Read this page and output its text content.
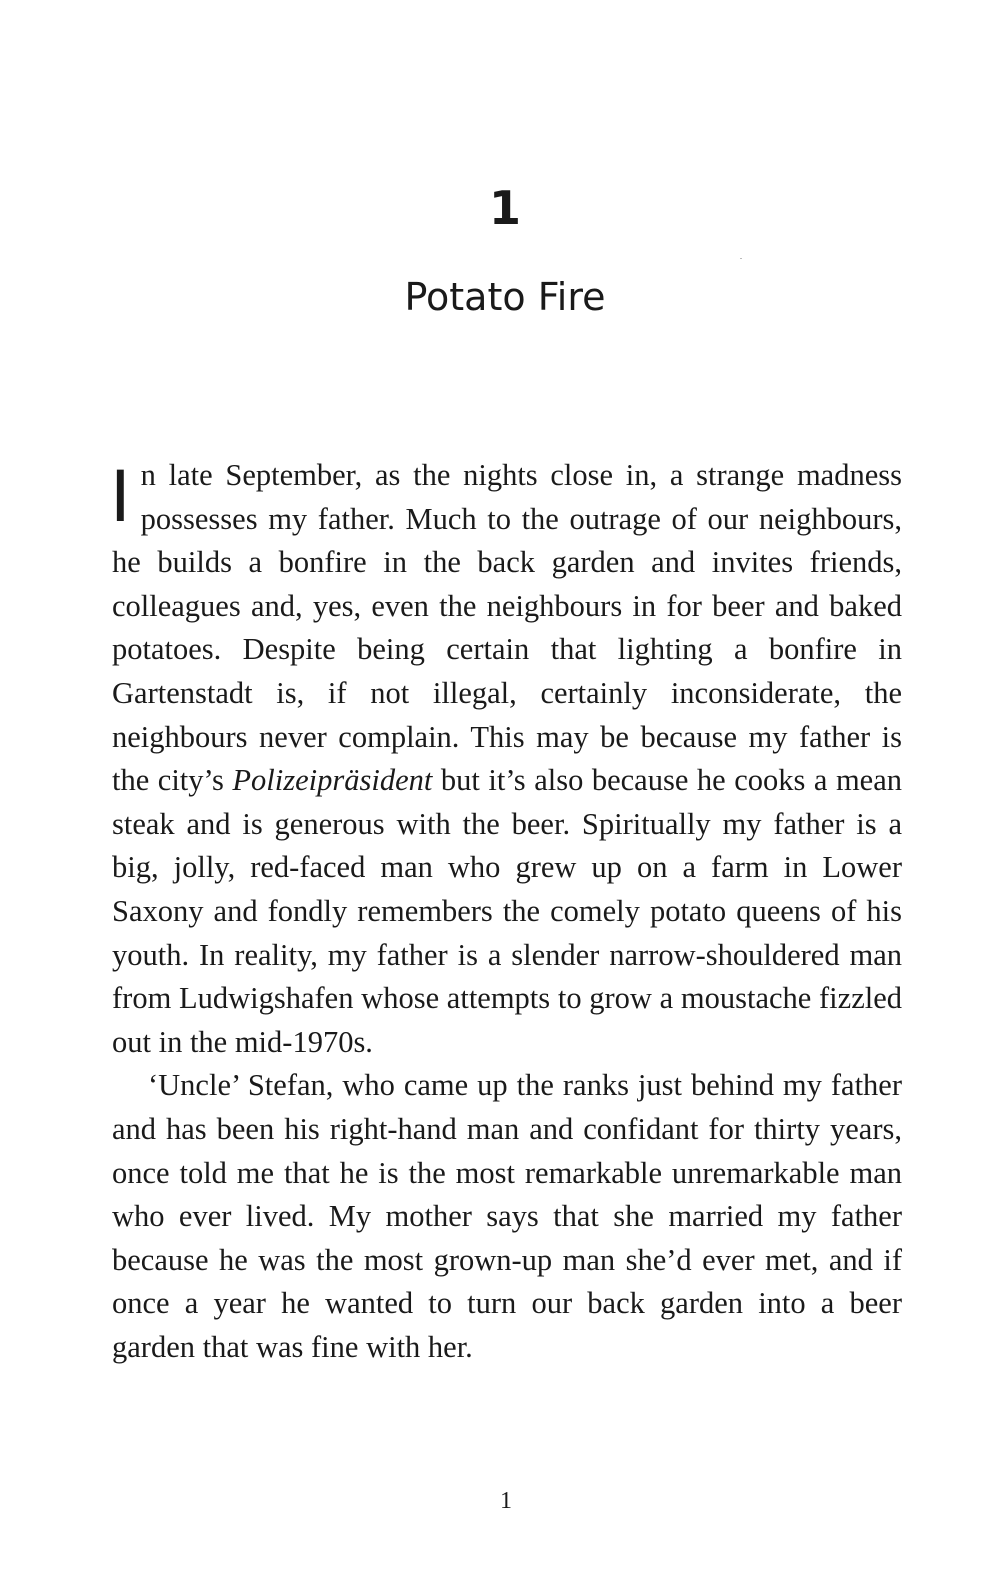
1
Potato Fire

In late September, as the nights close in, a strange madness possesses my father. Much to the outrage of our neighbours, he builds a bonfire in the back garden and invites friends, colleagues and, yes, even the neighbours in for beer and baked potatoes. Despite being certain that lighting a bonfire in Gartenstadt is, if not illegal, certainly inconsiderate, the neighbours never complain. This may be because my father is the city’s Polizeipräsident but it’s also because he cooks a mean steak and is generous with the beer. Spiritually my father is a big, jolly, red-faced man who grew up on a farm in Lower Saxony and fondly remembers the comely potato queens of his youth. In reality, my father is a slender narrow-shouldered man from Ludwigshafen whose attempts to grow a moustache fizzled out in the mid-1970s.

‘Uncle’ Stefan, who came up the ranks just behind my father and has been his right-hand man and confidant for thirty years, once told me that he is the most remarkable unremarkable man who ever lived. My mother says that she married my father because he was the most grown-up man she’d ever met, and if once a year he wanted to turn our back garden into a beer garden that was fine with her.

1
